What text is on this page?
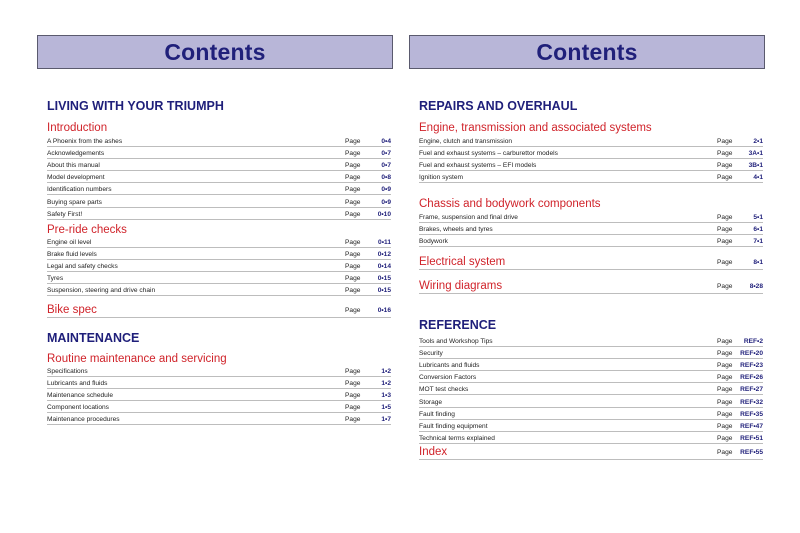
Contents
LIVING WITH YOUR TRIUMPH
Introduction
A Phoenix from the ashes	Page	0•4
Acknowledgements	Page	0•7
About this manual	Page	0•7
Model development	Page	0•8
Identification numbers	Page	0•9
Buying spare parts	Page	0•9
Safety First!	Page	0•10
Pre-ride checks
Engine oil level	Page	0•11
Brake fluid levels	Page	0•12
Legal and safety checks	Page	0•14
Tyres	Page	0•15
Suspension, steering and drive chain	Page	0•15
Bike spec	Page	0•16
MAINTENANCE
Routine maintenance and servicing
Specifications	Page	1•2
Lubricants and fluids	Page	1•2
Maintenance schedule	Page	1•3
Component locations	Page	1•5
Maintenance procedures	Page	1•7
Contents
REPAIRS AND OVERHAUL
Engine, transmission and associated systems
Engine, clutch and transmission	Page	2•1
Fuel and exhaust systems – carburettor models	Page	3A•1
Fuel and exhaust systems – EFI models	Page	3B•1
Ignition system	Page	4•1
Chassis and bodywork components
Frame, suspension and final drive	Page	5•1
Brakes, wheels and tyres	Page	6•1
Bodywork	Page	7•1
Electrical system	Page	8•1
Wiring diagrams	Page	8•28
REFERENCE
Tools and Workshop Tips	Page	REF•2
Security	Page	REF•20
Lubricants and fluids	Page	REF•23
Conversion Factors	Page	REF•26
MOT test checks	Page	REF•27
Storage	Page	REF•32
Fault finding	Page	REF•35
Fault finding equipment	Page	REF•47
Technical terms explained	Page	REF•51
Index	Page	REF•55
